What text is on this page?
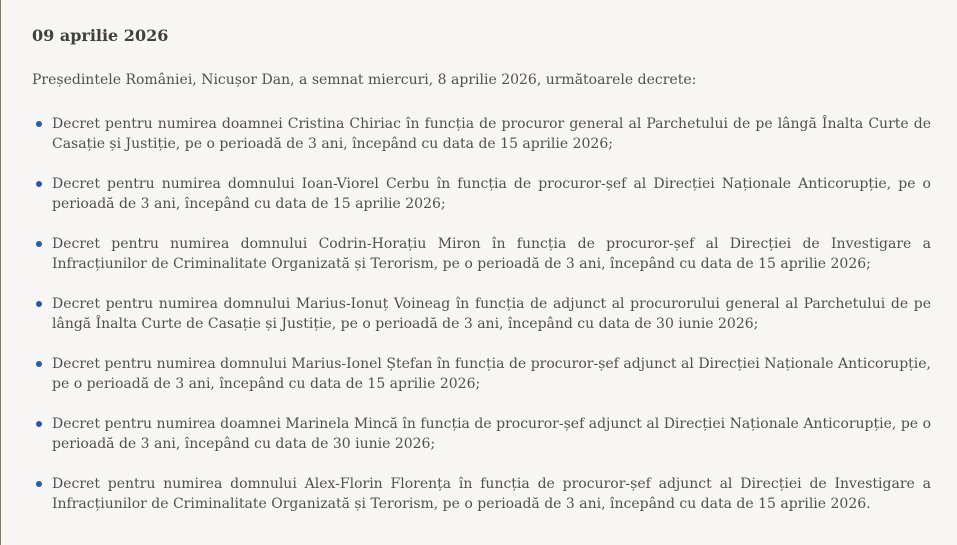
09 aprilie 2026

Președintele României, Nicușor Dan, a semnat miercuri, 8 aprilie 2026, următoarele decrete:

Decret pentru numirea doamnei Cristina Chiriac în funcția de procuror general al Parchetului de pe lângă Înalta Curte de Casație și Justiție, pe o perioadă de 3 ani, începând cu data de 15 aprilie 2026;
Decret pentru numirea domnului Ioan-Viorel Cerbu în funcția de procuror-șef al Direcției Naționale Anticorupție, pe o perioadă de 3 ani, începând cu data de 15 aprilie 2026;
Decret pentru numirea domnului Codrin-Horațiu Miron în funcția de procuror-șef al Direcției de Investigare a Infracțiunilor de Criminalitate Organizată și Terorism, pe o perioadă de 3 ani, începând cu data de 15 aprilie 2026;
Decret pentru numirea domnului Marius-Ionuț Voineag în funcția de adjunct al procurorului general al Parchetului de pe lângă Înalta Curte de Casație și Justiție, pe o perioadă de 3 ani, începând cu data de 30 iunie 2026;
Decret pentru numirea domnului Marius-Ionel Ștefan în funcția de procuror-șef adjunct al Direcției Naționale Anticorupție, pe o perioadă de 3 ani, începând cu data de 15 aprilie 2026;
Decret pentru numirea doamnei Marinela Mincă în funcția de procuror-șef adjunct al Direcției Naționale Anticorupție, pe o perioadă de 3 ani, începând cu data de 30 iunie 2026;
Decret pentru numirea domnului Alex-Florin Florența în funcția de procuror-șef adjunct al Direcției de Investigare a Infracțiunilor de Criminalitate Organizată și Terorism, pe o perioadă de 3 ani, începând cu data de 15 aprilie 2026.
